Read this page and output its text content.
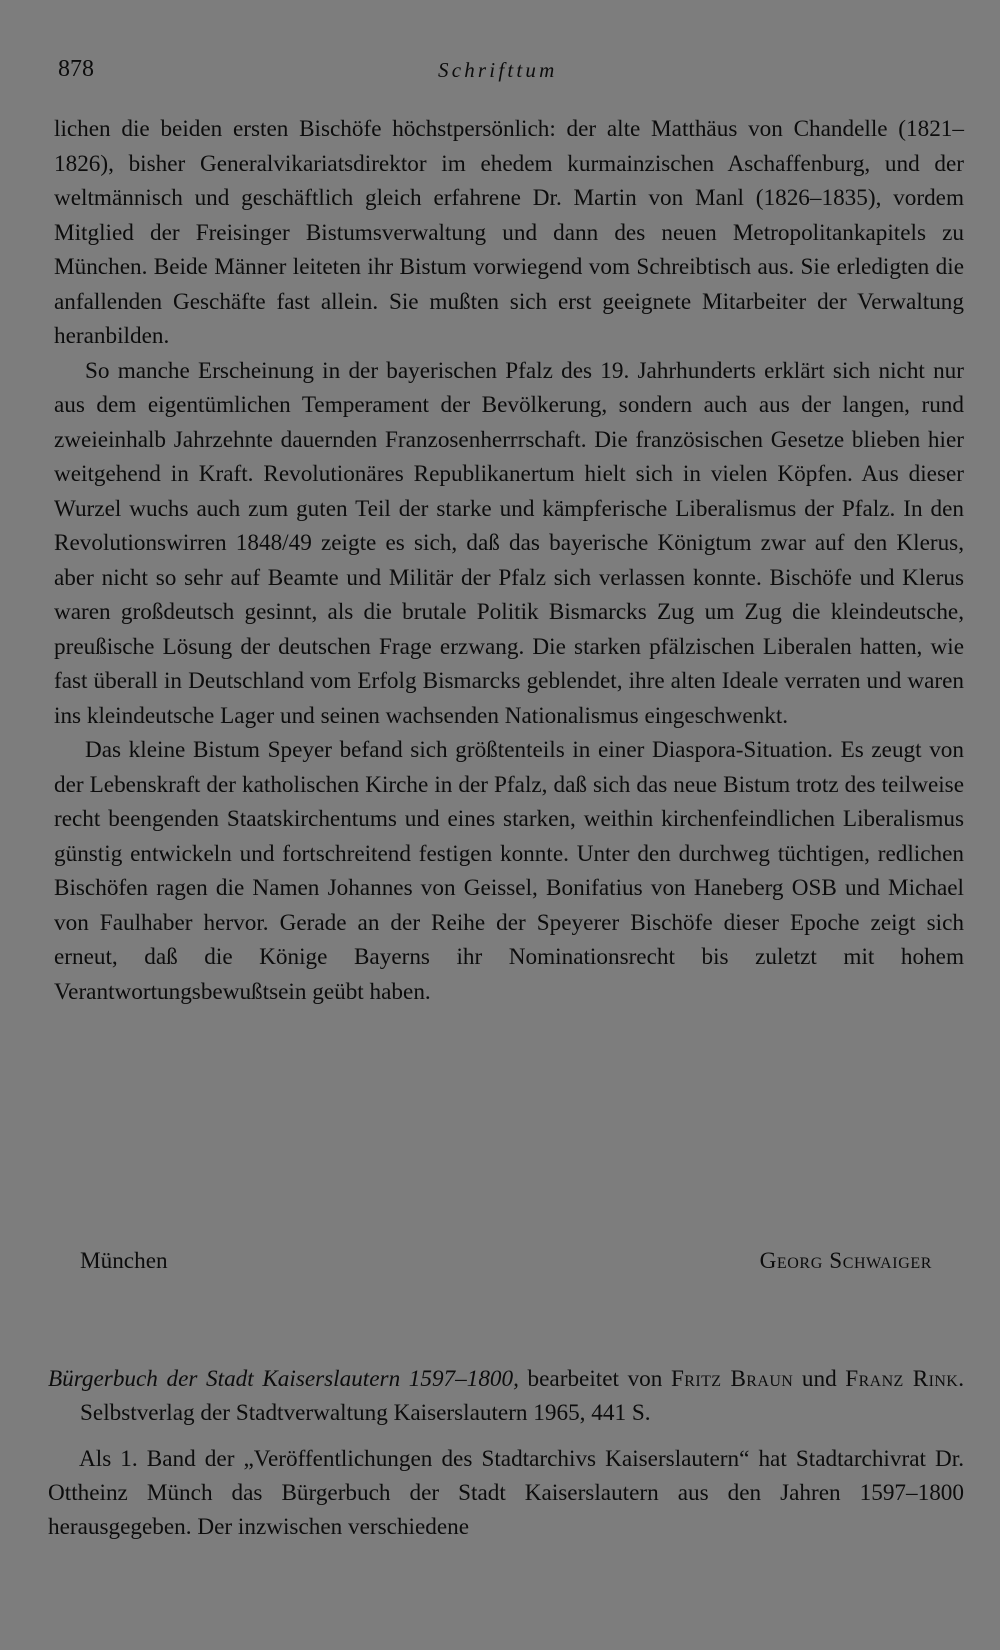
878	Schrifttum

lichen die beiden ersten Bischöfe höchstpersönlich: der alte Matthäus von Chandelle (1821–1826), bisher Generalvikariatsdirektor im ehedem kurmainzischen Aschaffenburg, und der weltmännisch und geschäftlich gleich erfahrene Dr. Martin von Manl (1826–1835), vordem Mitglied der Freisinger Bistumsverwaltung und dann des neuen Metropolitankapitels zu München. Beide Männer leiteten ihr Bistum vorwiegend vom Schreibtisch aus. Sie erledigten die anfallenden Geschäfte fast allein. Sie mußten sich erst geeignete Mitarbeiter der Verwaltung heranbilden.

So manche Erscheinung in der bayerischen Pfalz des 19. Jahrhunderts erklärt sich nicht nur aus dem eigentümlichen Temperament der Bevölkerung, sondern auch aus der langen, rund zweieinhalb Jahrzehnte dauernden Franzosenherrrschaft. Die französischen Gesetze blieben hier weitgehend in Kraft. Revolutionäres Republikanertum hielt sich in vielen Köpfen. Aus dieser Wurzel wuchs auch zum guten Teil der starke und kämpferische Liberalismus der Pfalz. In den Revolutionswirren 1848/49 zeigte es sich, daß das bayerische Königtum zwar auf den Klerus, aber nicht so sehr auf Beamte und Militär der Pfalz sich verlassen konnte. Bischöfe und Klerus waren großdeutsch gesinnt, als die brutale Politik Bismarcks Zug um Zug die kleindeutsche, preußische Lösung der deutschen Frage erzwang. Die starken pfälzischen Liberalen hatten, wie fast überall in Deutschland vom Erfolg Bismarcks geblendet, ihre alten Ideale verraten und waren ins kleindeutsche Lager und seinen wachsenden Nationalismus eingeschwenkt.

Das kleine Bistum Speyer befand sich größtenteils in einer Diaspora-Situation. Es zeugt von der Lebenskraft der katholischen Kirche in der Pfalz, daß sich das neue Bistum trotz des teilweise recht beengenden Staatskirchentums und eines starken, weithin kirchenfeindlichen Liberalismus günstig entwickeln und fortschreitend festigen konnte. Unter den durchweg tüchtigen, redlichen Bischöfen ragen die Namen Johannes von Geissel, Bonifatius von Haneberg OSB und Michael von Faulhaber hervor. Gerade an der Reihe der Speyerer Bischöfe dieser Epoche zeigt sich erneut, daß die Könige Bayerns ihr Nominationsrecht bis zuletzt mit hohem Verantwortungsbewußtsein geübt haben.

München	Georg Schwaiger

Bürgerbuch der Stadt Kaiserslautern 1597–1800, bearbeitet von Fritz Braun und Franz Rink. Selbstverlag der Stadtverwaltung Kaiserslautern 1965, 441 S.

Als 1. Band der „Veröffentlichungen des Stadtarchivs Kaiserslautern“ hat Stadtarchivrat Dr. Ottheinz Münch das Bürgerbuch der Stadt Kaiserslautern aus den Jahren 1597–1800 herausgegeben. Der inzwischen verschiedene
